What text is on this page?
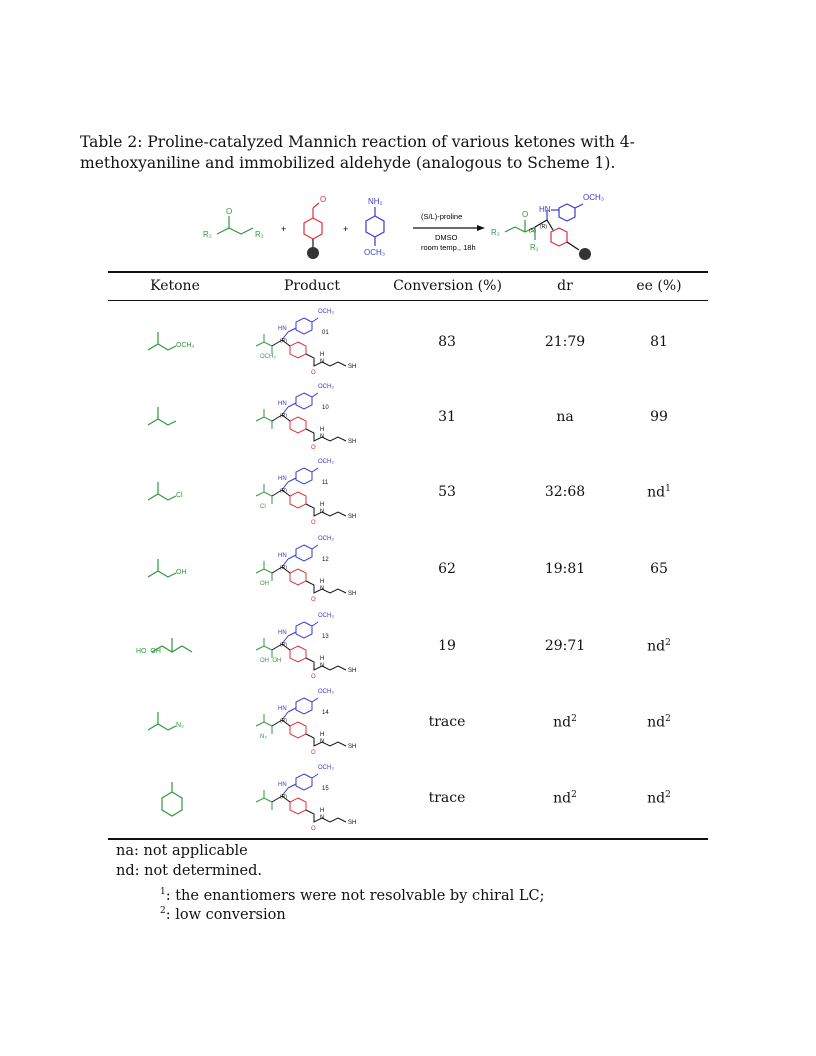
Table 2: Proline-catalyzed Mannich reaction of various ketones with 4-methoxyaniline and immobilized aldehyde (analogous to Scheme 1).
R₂	R₁
O
+
O
+
NH₂
OCH₃
(S/L)-proline
DMSO
room temp., 18h
O
R₂
R₁
HN
OCH₃
(S)
(R)
Ketone	Product	Conversion (%)	dr	ee (%)
OCH₃
OCH₃
HN
SH
H
N
O
(R)
01
OCH₃
83	21:79	81
OCH₃
HN
SH
H
N
O
(R)
10
31	na	99
Cl
OCH₃
HN
SH
H
N
O
(R)
11
Cl
53	32:68	$nd^1$
OH
OCH₃
HN
SH
H
N
O
(R)
12
OH
62	19:81	65
HO  OH
OCH₃
HN
SH
H
N
O
(R)
13
OH  OH
19	29:71	$nd^2$
N₃
OCH₃
HN
SH
H
N
O
(R)
14
N₃
trace	$nd^2$	$nd^2$
OCH₃
HN
SH
H
N
O
(R)
15
trace	$nd^2$	$nd^2$
na: not applicable
nd: not determined.
$^1$: the enantiomers were not resolvable by chiral LC;
$^2$: low conversion
